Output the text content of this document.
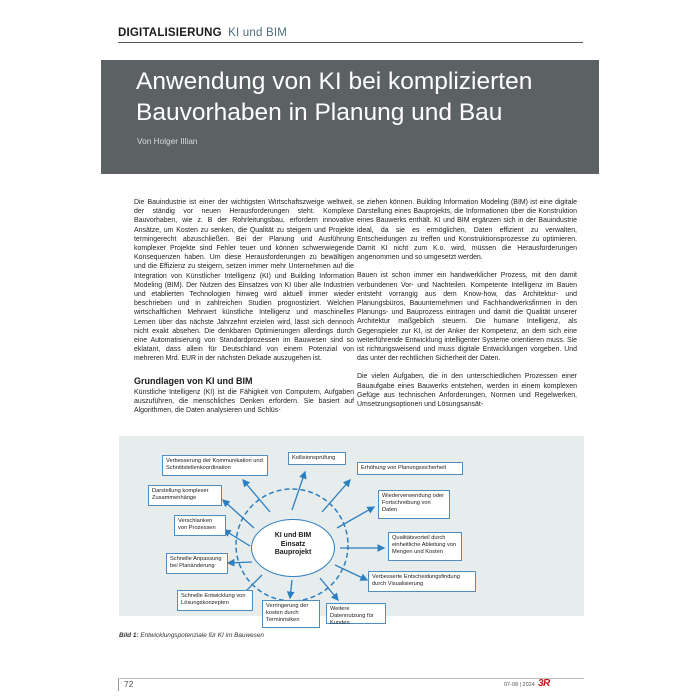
DIGITALISIERUNG KI und BIM
Anwendung von KI bei komplizierten
Bauvorhaben in Planung und Bau
Von Holger Illian

Die Bauindustrie ist einer der wichtigsten Wirtschaftszweige weltweit, der ständig vor neuen Herausforderungen steht. Komplexe Bauvorhaben, wie z. B der Rohrleitungsbau, erfordern innovative Ansätze, um Kosten zu senken, die Qualität zu steigern und Projekte termingerecht abzuschließen. Bei der Planung und Ausführung komplexer Projekte sind Fehler teuer und können schwerwiegende Konsequenzen haben. Um diese Herausforderungen zu bewältigen und die Effizienz zu steigern, setzen immer mehr Unternehmen auf die Integration von Künstlicher Intelligenz (KI) und Building Information Modeling (BIM). Der Nutzen des Einsatzes von KI über alle Industrien und etablierten Technologien hinweg wird aktuell immer wieder beschrieben und in zahlreichen Studien prognostiziert. Welchen wirtschaftlichen Mehrwert künstliche Intelligenz und maschinelles Lernen über das nächste Jahrzehnt erzielen wird, lässt sich dennoch nicht exakt absehen. Die denkbaren Optimierungen allerdings durch eine Automatisierung von Standardprozessen im Bauwesen sind so eklatant, dass allein für Deutschland von einem Potenzial von mehreren Mrd. EUR in der nächsten Dekade auszugehen ist.

Grundlagen von KI und BIM

Künstliche Intelligenz (KI) ist die Fähigkeit von Computern, Aufgaben auszuführen, die menschliches Denken erfordern. Sie basiert auf Algorithmen, die Daten analysieren und Schlüs-

se ziehen können. Building Information Modeling (BIM) ist eine digitale Darstellung eines Bauprojekts, die Informationen über die Konstruktion eines Bauwerks enthält. KI und BIM ergänzen sich in der Bauindustrie ideal, da sie es ermöglichen, Daten effizient zu verwalten, Entscheidungen zu treffen und Konstruktionsprozesse zu optimieren. Damit KI nicht zum K.o. wird, müssen die Herausforderungen angenommen und so umgesetzt werden.

Bauen ist schon immer ein handwerklicher Prozess, mit den damit verbundenen Vor- und Nachteilen. Kompetente Intelligenz im Bauen entsteht vorrangig aus dem Know-how, das Architektur- und Planungsbüros, Bauunternehmen und Fachhandwerksfirmen in den Planungs- und Bauprozess eintragen und damit die Qualität unserer Architektur maßgeblich steuern. Die humane Intelligenz, als Gegenspieler zur KI, ist der Anker der Kompetenz, an dem sich eine weiterführende Entwicklung intelligenter Systeme orientieren muss. Sie ist richtungsweisend und muss digitale Entwicklungen vorgeben. Und das unter der rechtlichen Sicherheit der Daten.

Die vielen Aufgaben, die in den unterschiedlichen Prozessen einer Bauaufgabe eines Bauwerks entstehen, werden in einem komplexen Gefüge aus technischen Anforderungen, Normen und Regelwerken, Umsetzungsoptionen und Lösungsansät-

KI und BIM
Einsatz
Bauprojekt
Verbesserung der Kommunikation und Schnittstellenkoordination
Kollisionsprüfung
Erhöhung von Planungssicherheit
Darstellung komplexer Zusammenhänge	Wiederverwendung oder Fortschreibung von Daten
Verschlanken von Prozessen
Qualitätsvorteil durch einheitliche Ableitung von Mengen und Kosten
Schnelle Anpassung bei Planänderung
Verbesserte Entscheidungsfindung durch Visualisierung
Schnelle Entwicklung von Lösungskonzepten	Verringerung der kosten durch Terminrisiken
Weitere Datennutzung für Kunden
Bild 1: Entwicklungspotenziale für KI im Bauwesen
72	07-08 | 2024 3R
